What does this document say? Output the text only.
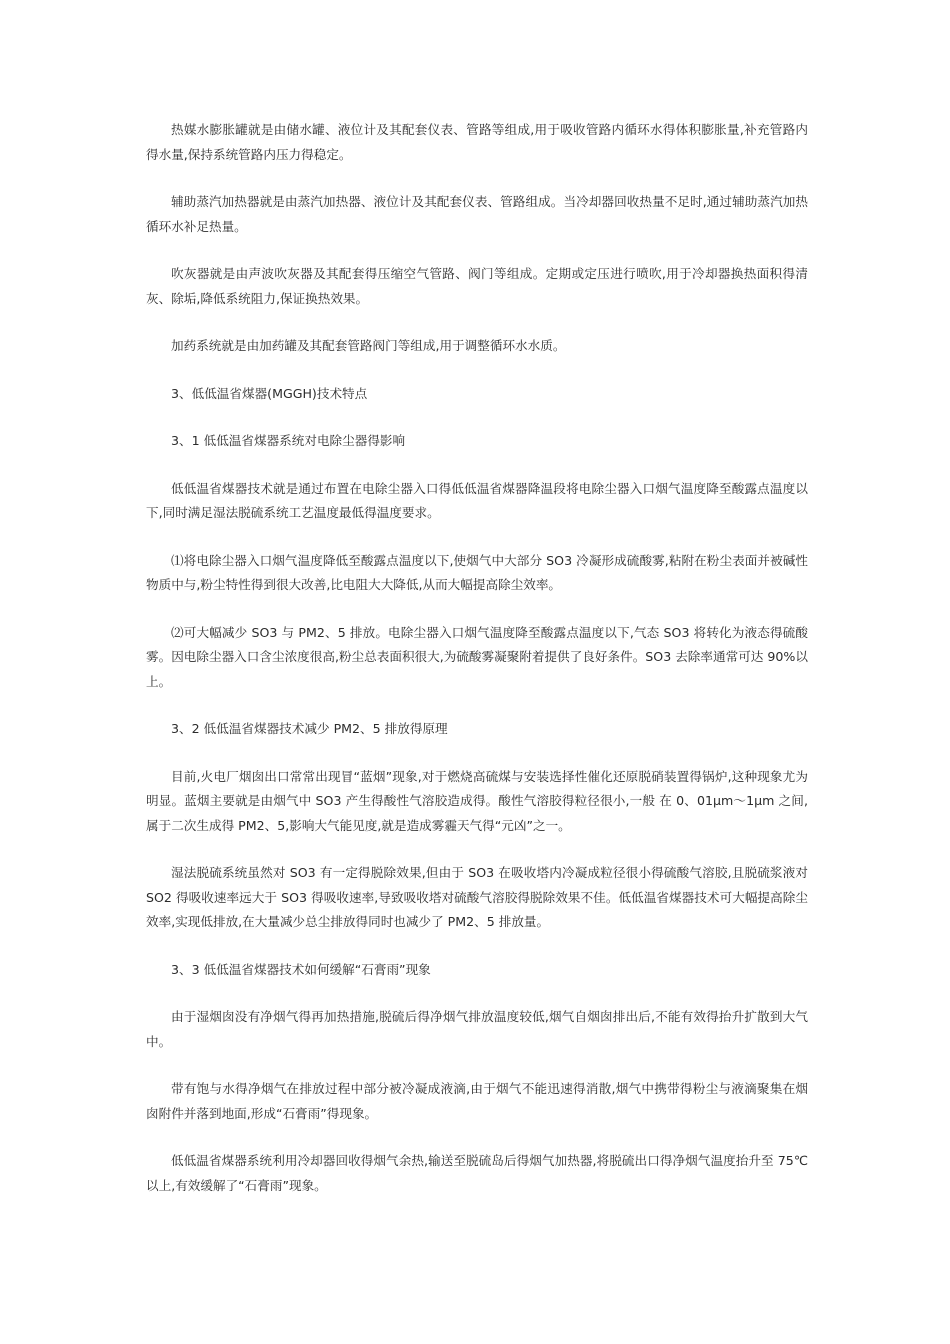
热媒水膨胀罐就是由储水罐、液位计及其配套仪表、管路等组成,用于吸收管路内循环水得体积膨胀量,补充管路内得水量,保持系统管路内压力得稳定。

辅助蒸汽加热器就是由蒸汽加热器、液位计及其配套仪表、管路组成。当冷却器回收热量不足时,通过辅助蒸汽加热循环水补足热量。

吹灰器就是由声波吹灰器及其配套得压缩空气管路、阀门等组成。定期或定压进行喷吹,用于冷却器换热面积得清灰、除垢,降低系统阻力,保证换热效果。

加药系统就是由加药罐及其配套管路阀门等组成,用于调整循环水水质。

3、低低温省煤器(MGGH)技术特点

3、1 低低温省煤器系统对电除尘器得影响

低低温省煤器技术就是通过布置在电除尘器入口得低低温省煤器降温段将电除尘器入口烟气温度降至酸露点温度以下,同时满足湿法脱硫系统工艺温度最低得温度要求。

⑴将电除尘器入口烟气温度降低至酸露点温度以下,使烟气中大部分 SO3 冷凝形成硫酸雾,粘附在粉尘表面并被碱性物质中与,粉尘特性得到很大改善,比电阻大大降低,从而大幅提高除尘效率。

⑵可大幅减少 SO3 与 PM2、5 排放。电除尘器入口烟气温度降至酸露点温度以下,气态 SO3 将转化为液态得硫酸雾。因电除尘器入口含尘浓度很高,粉尘总表面积很大,为硫酸雾凝聚附着提供了良好条件。SO3 去除率通常可达 90%以上。

3、2 低低温省煤器技术减少 PM2、5 排放得原理

目前,火电厂烟囱出口常常出现冒“蓝烟”现象,对于燃烧高硫煤与安装选择性催化还原脱硝装置得锅炉,这种现象尤为明显。蓝烟主要就是由烟气中 SO3 产生得酸性气溶胶造成得。酸性气溶胶得粒径很小,一般 在 0、01μm～1μm 之间,属于二次生成得 PM2、5,影响大气能见度,就是造成雾霾天气得“元凶”之一。

湿法脱硫系统虽然对 SO3 有一定得脱除效果,但由于 SO3 在吸收塔内冷凝成粒径很小得硫酸气溶胶,且脱硫浆液对 SO2 得吸收速率远大于 SO3 得吸收速率,导致吸收塔对硫酸气溶胶得脱除效果不佳。低低温省煤器技术可大幅提高除尘效率,实现低排放,在大量减少总尘排放得同时也减少了 PM2、5 排放量。

3、3 低低温省煤器技术如何缓解“石膏雨”现象

由于湿烟囱没有净烟气得再加热措施,脱硫后得净烟气排放温度较低,烟气自烟囱排出后,不能有效得抬升扩散到大气中。

带有饱与水得净烟气在排放过程中部分被冷凝成液滴,由于烟气不能迅速得消散,烟气中携带得粉尘与液滴聚集在烟囱附件并落到地面,形成“石膏雨”得现象。

低低温省煤器系统利用冷却器回收得烟气余热,输送至脱硫岛后得烟气加热器,将脱硫出口得净烟气温度抬升至 75℃以上,有效缓解了“石膏雨”现象。
